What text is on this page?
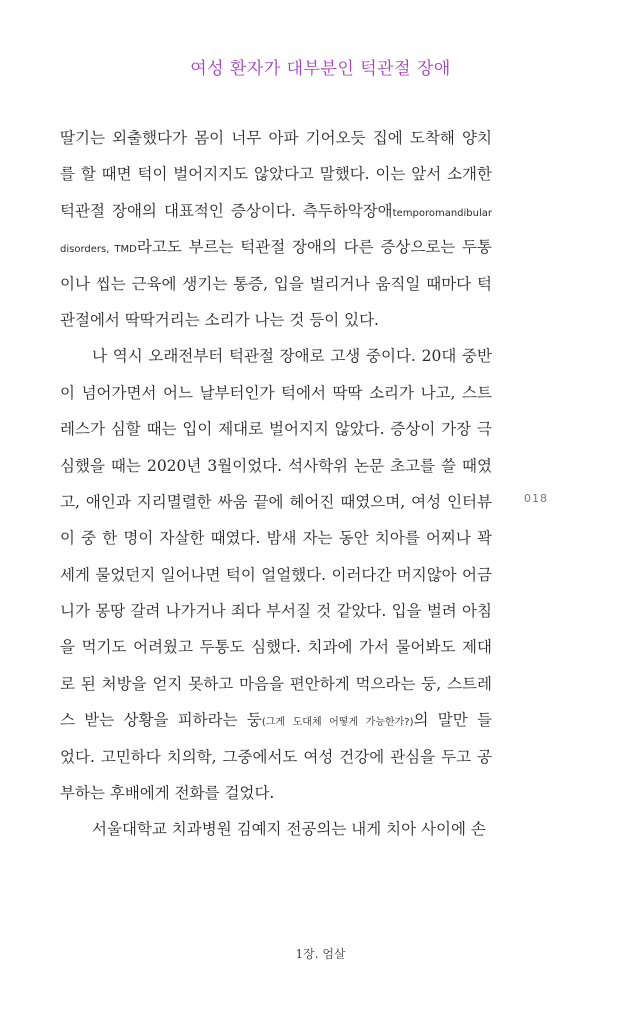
여성 환자가 대부분인 턱관절 장애
딸기는 외출했다가 몸이 너무 아파 기어오듯 집에 도착해 양치
를 할 때면 턱이 벌어지지도 않았다고 말했다. 이는 앞서 소개한
턱관절 장애의 대표적인 증상이다. 측두하악장애temporomandibular
disorders, TMD라고도 부르는 턱관절 장애의 다른 증상으로는 두통
이나 씹는 근육에 생기는 통증, 입을 벌리거나 움직일 때마다 턱
관절에서 딱딱거리는 소리가 나는 것 등이 있다.
나 역시 오래전부터 턱관절 장애로 고생 중이다. 20대 중반
이 넘어가면서 어느 날부터인가 턱에서 딱딱 소리가 나고, 스트
레스가 심할 때는 입이 제대로 벌어지지 않았다. 증상이 가장 극
심했을 때는 2020년 3월이었다. 석사학위 논문 초고를 쓸 때였
고, 애인과 지리멸렬한 싸움 끝에 헤어진 때였으며, 여성 인터뷰
이 중 한 명이 자살한 때였다. 밤새 자는 동안 치아를 어찌나 꽉
세게 물었던지 일어나면 턱이 얼얼했다. 이러다간 머지않아 어금
니가 몽땅 갈려 나가거나 죄다 부서질 것 같았다. 입을 벌려 아침
을 먹기도 어려웠고 두통도 심했다. 치과에 가서 물어봐도 제대
로 된 처방을 얻지 못하고 마음을 편안하게 먹으라는 둥, 스트레
스 받는 상황을 피하라는 둥(그게 도대체 어떻게 가능한가?)의 말만 들
었다. 고민하다 치의학, 그중에서도 여성 건강에 관심을 두고 공
부하는 후배에게 전화를 걸었다.
서울대학교 치과병원 김예지 전공의는 내게 치아 사이에 손
018
1장. 엄살
